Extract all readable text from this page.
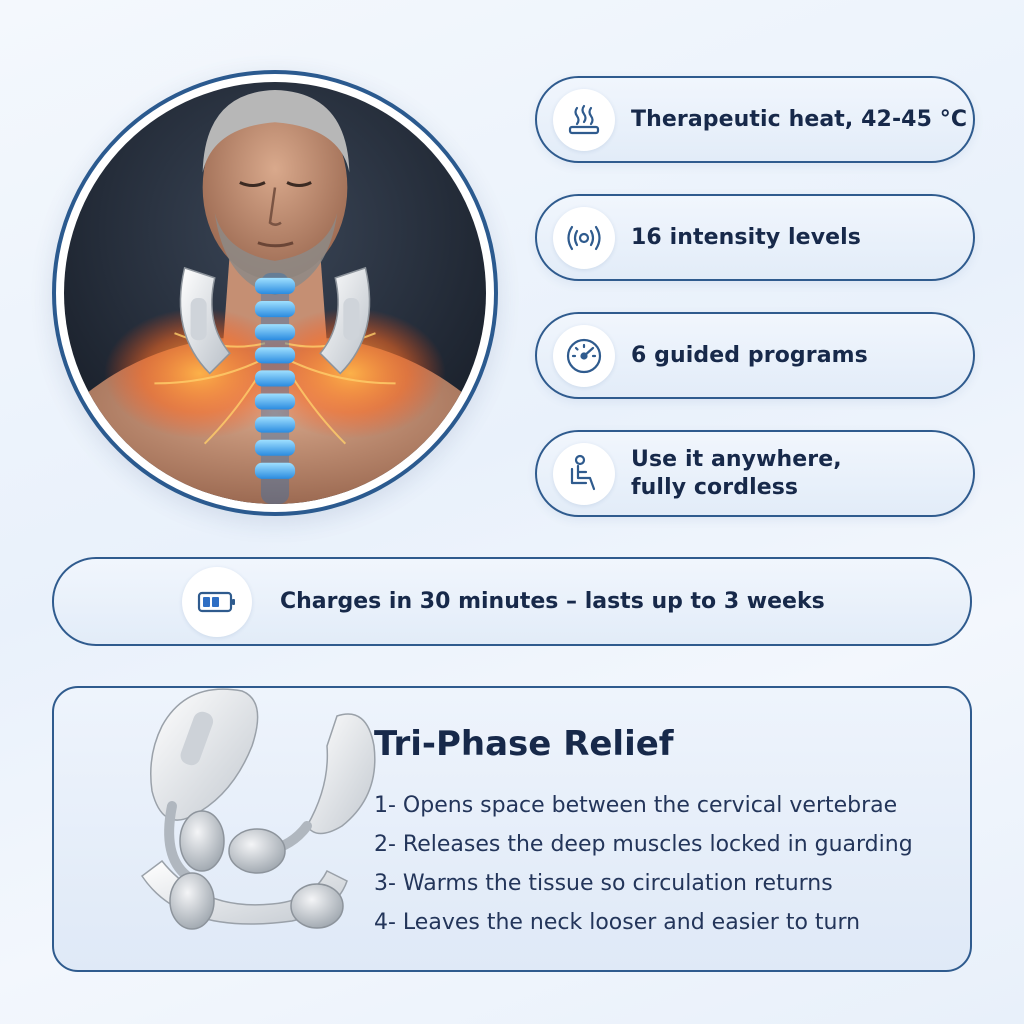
Therapeutic heat, 42-45 °C
16 intensity levels
6 guided programs
Use it anywhere,
fully cordless
Charges in 30 minutes – lasts up to 3 weeks
Tri-Phase Relief
1- Opens space between the cervical vertebrae
2- Releases the deep muscles locked in guarding
3- Warms the tissue so circulation returns
4- Leaves the neck looser and easier to turn
